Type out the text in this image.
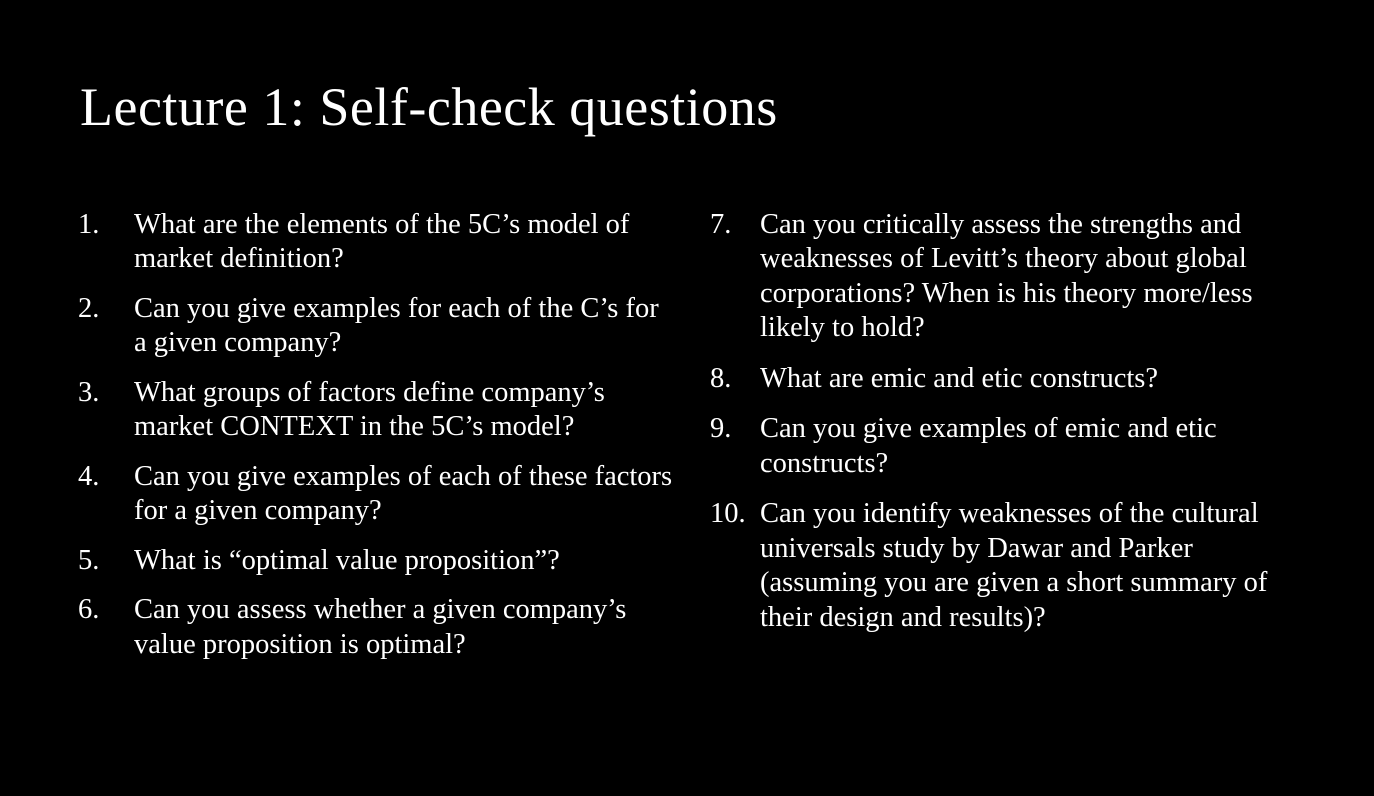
Lecture 1: Self-check questions
1.	What are the elements of the 5C’s model of market definition?
2.	Can you give examples for each of the C’s for a given company?
3.	What groups of factors define company’s market CONTEXT in the 5C’s model?
4.	Can you give examples of each of these factors for a given company?
5.	What is “optimal value proposition”?
6.	Can you assess whether a given company’s value proposition is optimal?
7.	Can you critically assess the strengths and weaknesses of Levitt’s theory about global corporations? When is his theory more/less likely to hold?
8.	What are emic and etic constructs?
9.	Can you give examples of emic and etic constructs?
10. Can you identify weaknesses of the cultural universals study by Dawar and Parker (assuming you are given a short summary of their design and results)?
